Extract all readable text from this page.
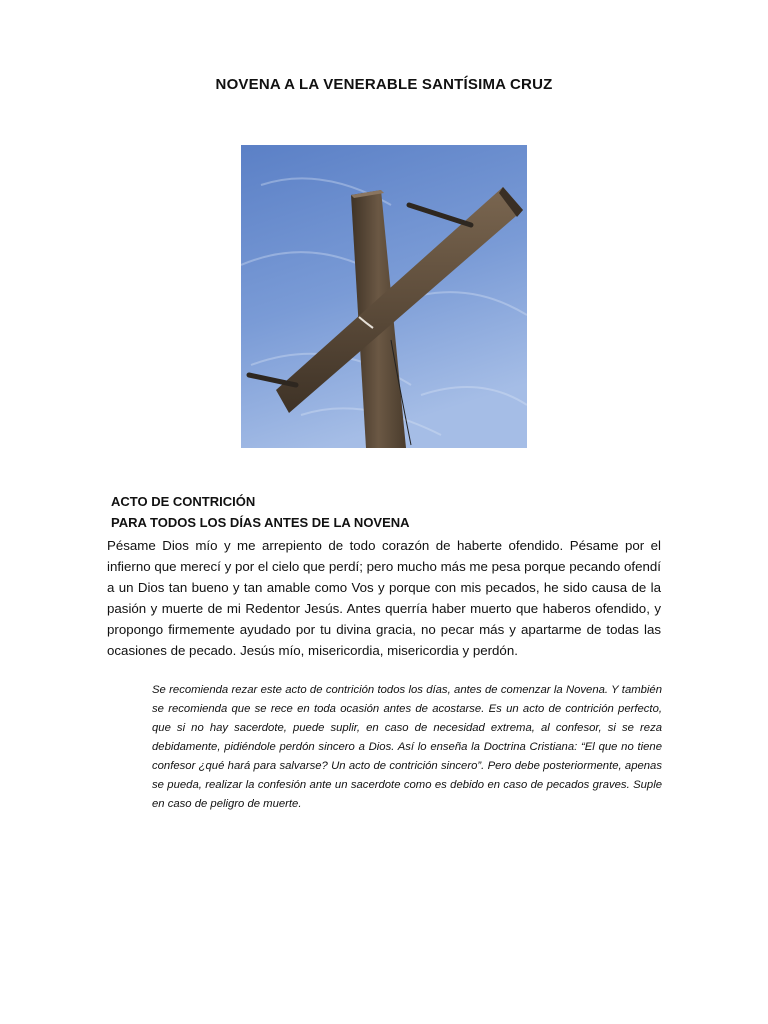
NOVENA A LA VENERABLE SANTÍSIMA CRUZ
ACTO DE CONTRICIÓN
PARA TODOS LOS DÍAS ANTES DE LA NOVENA

Pésame Dios mío y me arrepiento de todo corazón de haberte ofendido. Pésame por el infierno que merecí y por el cielo que perdí; pero mucho más me pesa porque pecando ofendí a un Dios tan bueno y tan amable como Vos y porque con mis pecados, he sido causa de la pasión y muerte de mi Redentor Jesús. Antes querría haber muerto que haberos ofendido, y propongo firmemente ayudado por tu divina gracia, no pecar más y apartarme de todas las ocasiones de pecado. Jesús mío, misericordia, misericordia y perdón.

Se recomienda rezar este acto de contrición todos los días, antes de comenzar la Novena. Y también se recomienda que se rece en toda ocasión antes de acostarse. Es un acto de contrición perfecto, que si no hay sacerdote, puede suplir, en caso de necesidad extrema, al confesor, si se reza debidamente, pidiéndole perdón sincero a Dios. Así lo enseña la Doctrina Cristiana: “El que no tiene confesor ¿qué hará para salvarse? Un acto de contrición sincero”. Pero debe posteriormente, apenas se pueda, realizar la confesión ante un sacerdote como es debido en caso de pecados graves. Suple en caso de peligro de muerte.
